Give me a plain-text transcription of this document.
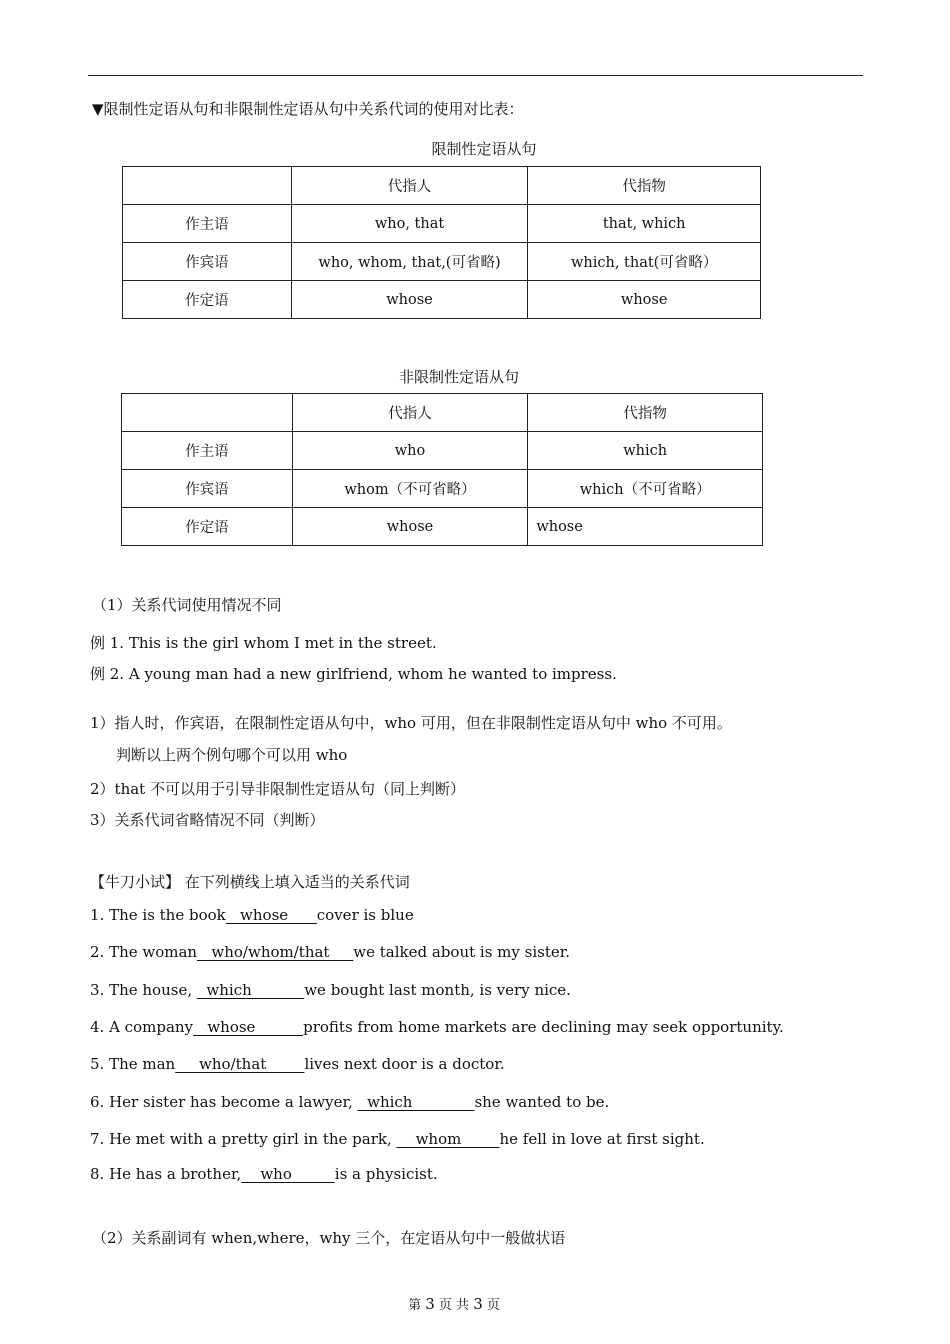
▼限制性定语从句和非限制性定语从句中关系代词的使用对比表：
限制性定语从句
	代指人	代指物
作主语	who, that	that, which
作宾语	who, whom, that,(可省略)	which, that(可省略）
作定语	whose	whose
非限制性定语从句
	代指人	代指物
作主语	who	which
作宾语	whom（不可省略）	which（不可省略）
作定语	whose	whose
（1）关系代词使用情况不同
例 1. This is the girl whom I met in the street.
例 2. A young man had a new girlfriend, whom he wanted to impress.
1）指人时，作宾语，在限制性定语从句中，who 可用，但在非限制性定语从句中 who 不可用。
判断以上两个例句哪个可以用 who
2）that 不可以用于引导非限制性定语从句（同上判断）
3）关系代词省略情况不同（判断）
【牛刀小试】 在下列横线上填入适当的关系代词
1. The is the book   whose      cover is blue
2. The woman   who/whom/that     we talked about is my sister.
3. The house,   which           we bought last month, is very nice.
4. A company   whose          profits from home markets are declining may seek opportunity.
5. The man     who/that        lives next door is a doctor.
6. Her sister has become a lawyer,   which             she wanted to be.
7. He met with a pretty girl in the park,     whom        he fell in love at first sight.
8. He has a brother,    who         is a physicist.
（2）关系副词有 when,where，why 三个，在定语从句中一般做状语
第 3 页 共 3 页
